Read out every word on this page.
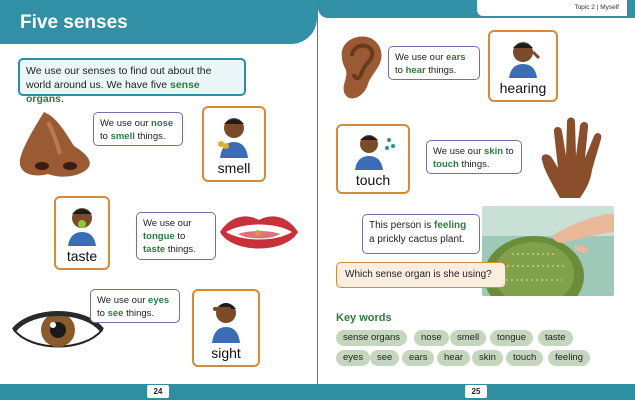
Five senses
Topic 2 | Myself
We use our senses to find out about the world around us. We have five sense organs.
We use our nose to smell things.
smell
taste
We use our tongue to taste things.
We use our eyes to see things.
sight
We use our ears to hear things.
hearing
touch
We use our skin to touch things.
This person is feeling a prickly cactus plant.
Which sense organ is she using?
Key words
sense organs	nose	smell	tongue	taste
eyes	see	ears	hear	skin	touch	feeling
24	25
